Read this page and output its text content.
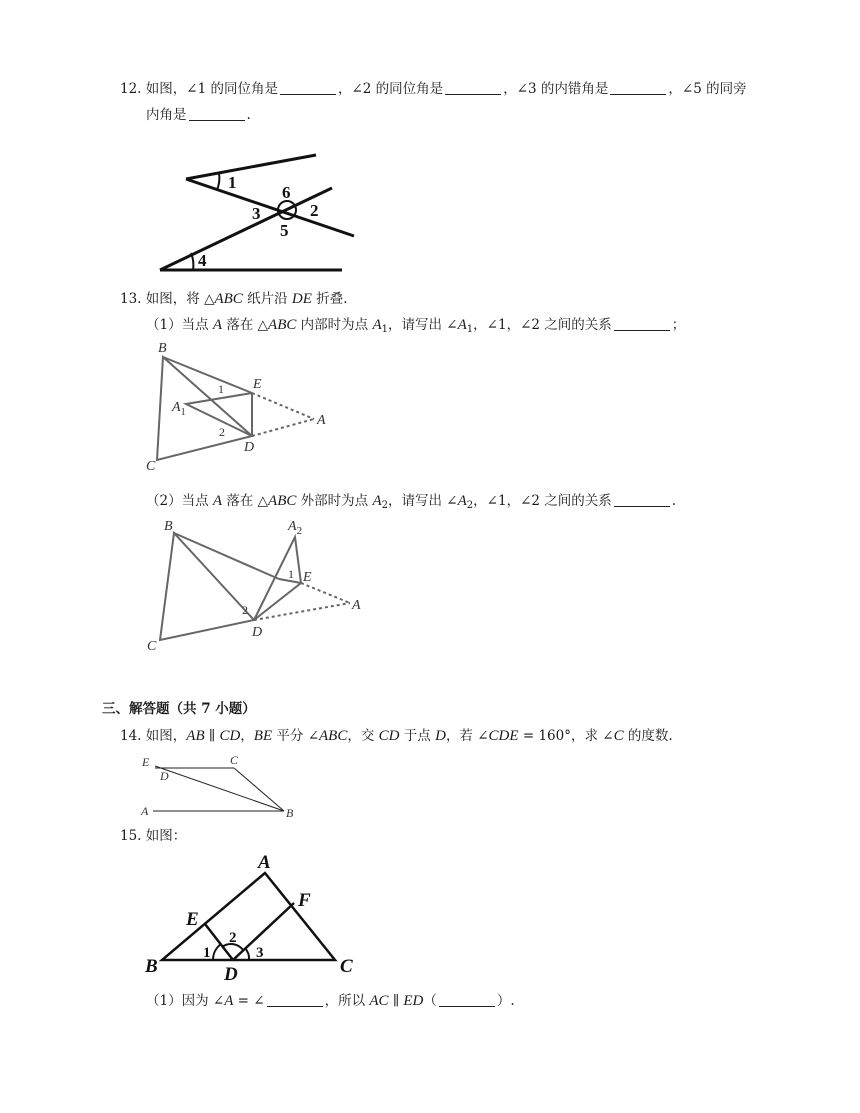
12. 如图，∠1 的同位角是	，∠2 的同位角是	，∠3 的内错角是	，∠5 的同旁
内角是	.
1
6
3	2
5
4
13. 如图，将 △ABC 纸片沿 DE 折叠.
（1）当点 A 落在 △ABC 内部时为点 $A_1$，请写出 $\angle A_1$，∠1，∠2 之间的关系	；
B
E
1
$A_1$
A
2
D
C
（2）当点 A 落在 △ABC 外部时为点 $A_2$，请写出 $\angle A_2$，∠1，∠2 之间的关系	.
B	$A_2$
1 E
A
2
D
C
三、解答题（共 7 小题）
14. 如图，AB ∥ CD，BE 平分 ∠ABC，交 CD 于点 D，若 ∠CDE = 160°，求 ∠C 的度数.
E	C
D
A	B
15. 如图：
A
E
F
B	D	C
1
2
3
（1）因为 ∠A = ∠	，所以 AC ∥ ED（	）.
